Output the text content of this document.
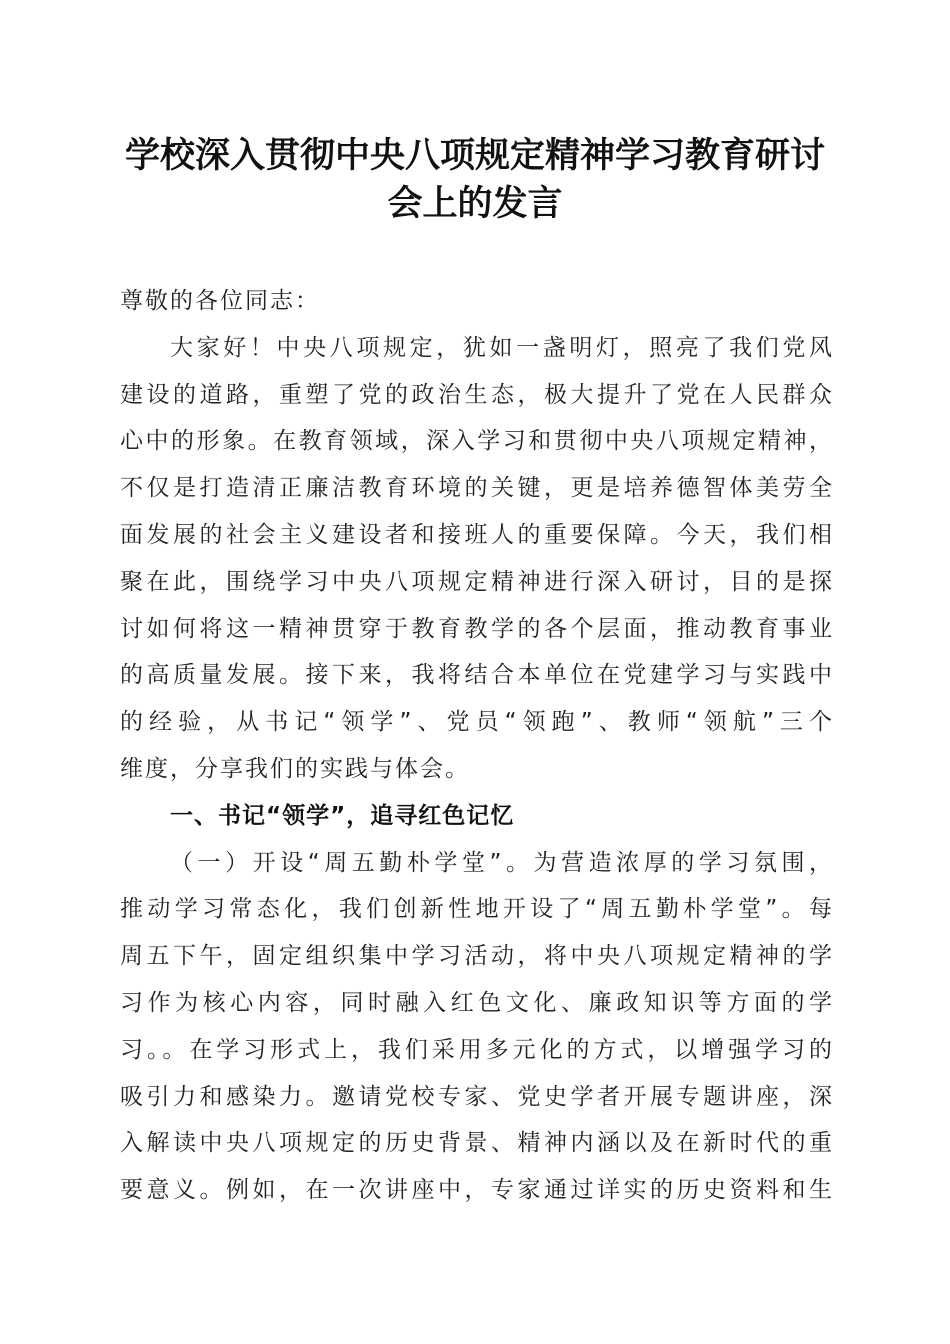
学校深入贯彻中央八项规定精神学习教育研讨
会上的发言
尊敬的各位同志：
大家好！中央八项规定，犹如一盏明灯，照亮了我们党风
建设的道路，重塑了党的政治生态，极大提升了党在人民群众
心中的形象。在教育领域，深入学习和贯彻中央八项规定精神，
不仅是打造清正廉洁教育环境的关键，更是培养德智体美劳全
面发展的社会主义建设者和接班人的重要保障。今天，我们相
聚在此，围绕学习中央八项规定精神进行深入研讨，目的是探
讨如何将这一精神贯穿于教育教学的各个层面，推动教育事业
的高质量发展。接下来，我将结合本单位在党建学习与实践中
的经验，从书记“领学”、党员“领跑”、教师“领航”三个
维度，分享我们的实践与体会。
一、书记“领学”，追寻红色记忆
（一）开设“周五勤朴学堂”。为营造浓厚的学习氛围，
推动学习常态化，我们创新性地开设了“周五勤朴学堂”。每
周五下午，固定组织集中学习活动，将中央八项规定精神的学
习作为核心内容，同时融入红色文化、廉政知识等方面的学
习。。在学习形式上，我们采用多元化的方式，以增强学习的
吸引力和感染力。邀请党校专家、党史学者开展专题讲座，深
入解读中央八项规定的历史背景、精神内涵以及在新时代的重
要意义。例如，在一次讲座中，专家通过详实的历史资料和生
